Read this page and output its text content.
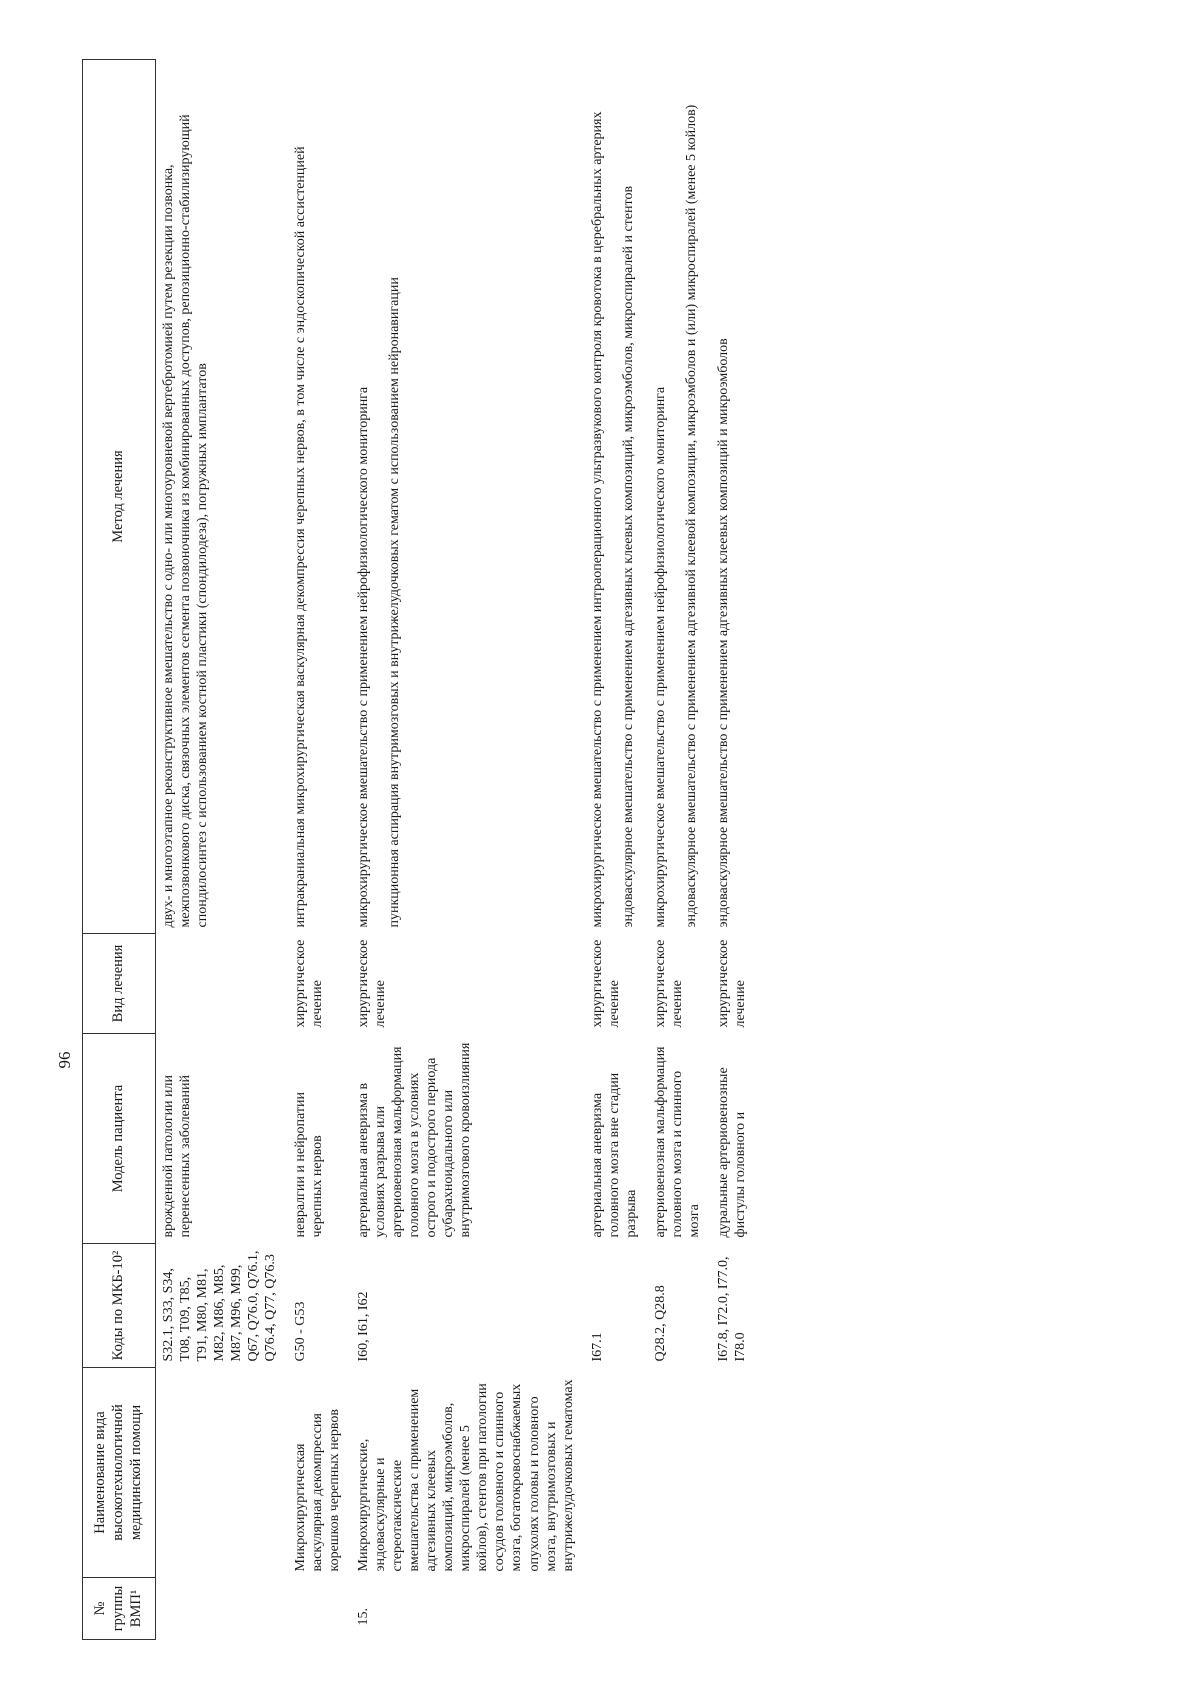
96
№ группы ВМП¹	Наименование вида высокотехнологичной медицинской помощи	Коды по МКБ-10²	Модель пациента	Вид лечения	Метод лечения
		S32.1, S33, S34, T08, T09, T85, T91, M80, M81, M82, M86, M85, M87, M96, M99, Q67, Q76.0, Q76.1, Q76.4, Q77, Q76.3	врожденной патологии или перенесенных заболеваний		двух- и многоэтапное реконструктивное вмешательство с одно- или многоуровневой вертебротомией путем резекции позвонка, межпозвонкового диска, связочных элементов сегмента позвоночника из комбинированных доступов, репозиционно-стабилизирующий спондилосинтез с использованием костной пластики (спондилодеза), погружных имплантатов

	Микрохирургическая васкулярная декомпрессия корешков черепных нервов	G50 - G53	невралгии и нейропатии черепных нервов	хирургическое лечение	интракраниальная микрохирургическая васкулярная декомпрессия черепных нервов, в том числе с эндоскопической ассистенцией

15.	Микрохирургические, эндоваскулярные и стереотаксические вмешательства с применением адгезивных клеевых композиций, микроэмболов, микроспиралей (менее 5 койлов), стентов при патологии сосудов головного и спинного мозга, богатокровоснабжаемых опухолях головы и головного мозга, внутримозговых и внутрижелудочковых гематомах	I60, I61, I62	артериальная аневризма в условиях разрыва или артериовенозная мальформация головного мозга в условиях острого и подострого периода субарахноидального или внутримозгового кровоизлияния	хирургическое лечение	микрохирургическое вмешательство с применением нейрофизиологического мониторинга пункционная аспирация внутримозговых и внутрижелудочковых гематом с использованием нейронавигации

		I67.1	артериальная аневризма головного мозга вне стадии разрыва	хирургическое лечение	микрохирургическое вмешательство с применением интраоперационного ультразвукового контроля кровотока в церебральных артериях эндоваскулярное вмешательство с применением адгезивных клеевых композиций, микроэмболов, микроспиралей и стентов

		Q28.2, Q28.8	артериовенозная мальформация головного мозга и спинного мозга	хирургическое лечение	микрохирургическое вмешательство с применением нейрофизиологического мониторинга эндоваскулярное вмешательство с применением адгезивной клеевой композиции, микроэмболов и (или) микроспиралей (менее 5 койлов)

		I67.8, I72.0, I77.0, I78.0	дуральные артериовенозные фистулы головного и	хирургическое лечение	эндоваскулярное вмешательство с применением адгезивных клеевых композиций и микроэмболов
